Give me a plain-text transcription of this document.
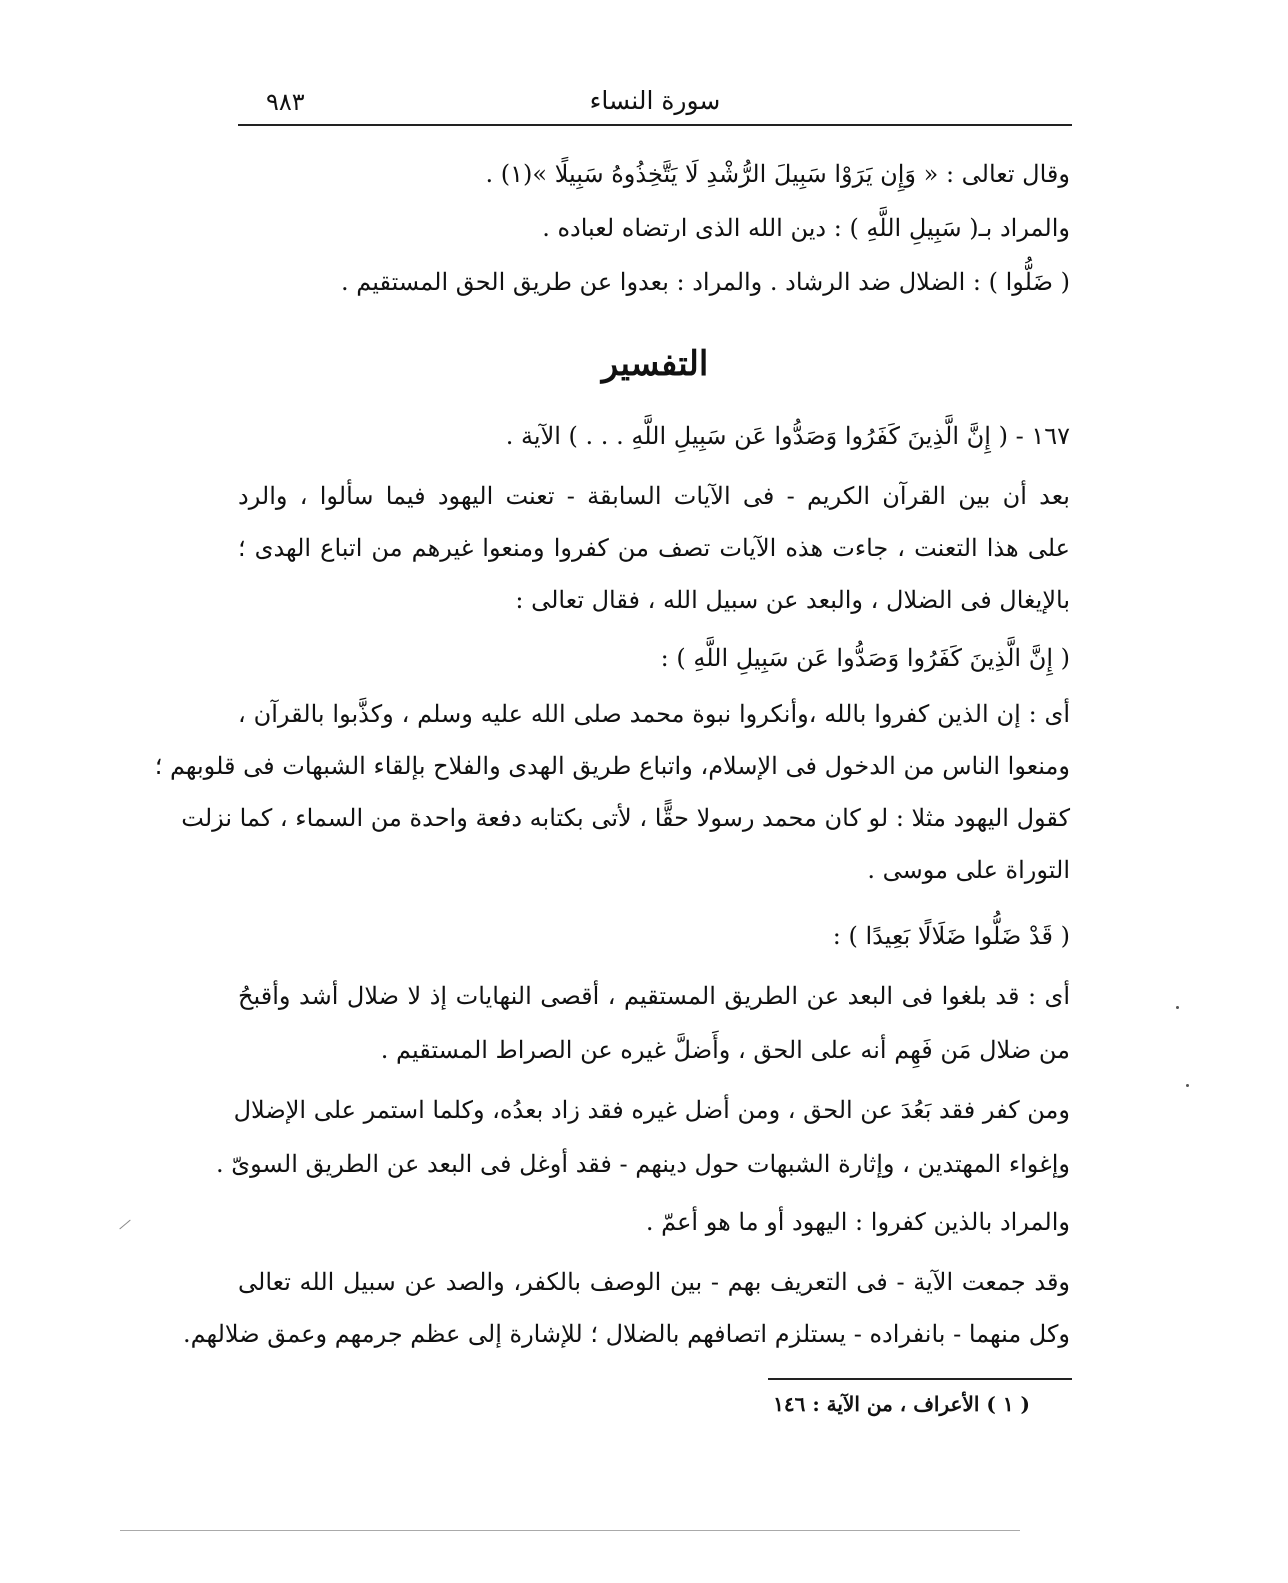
٩٨٣	سورة النساء
وقال تعالى : « وَإِن يَرَوْا سَبِيلَ الرُّشْدِ لَا يَتَّخِذُوهُ سَبِيلًا »(١) .
والمراد بـ( سَبِيلِ اللَّهِ ) : دين الله الذى ارتضاه لعباده .
( ضَلُّوا ) : الضلال ضد الرشاد . والمراد : بعدوا عن طريق الحق المستقيم .
التفسير
١٦٧ - ( إِنَّ الَّذِينَ كَفَرُوا وَصَدُّوا عَن سَبِيلِ اللَّهِ . . . ) الآية .
بعد أن بين القرآن الكريم - فى الآيات السابقة - تعنت اليهود فيما سألوا ، والرد
على هذا التعنت ، جاءت هذه الآيات تصف من كفروا ومنعوا غيرهم من اتباع الهدى ؛
بالإيغال فى الضلال ، والبعد عن سبيل الله ، فقال تعالى :
( إِنَّ الَّذِينَ كَفَرُوا وَصَدُّوا عَن سَبِيلِ اللَّهِ ) :
أى : إن الذين كفروا بالله ،وأنكروا نبوة محمد صلى الله عليه وسلم ، وكذَّبوا بالقرآن ،
ومنعوا الناس من الدخول فى الإسلام، واتباع طريق الهدى والفلاح بإلقاء الشبهات فى قلوبهم ؛
كقول اليهود مثلا : لو كان محمد رسولا حقًّا ، لأتى بكتابه دفعة واحدة من السماء ، كما نزلت
التوراة على موسى .
( قَدْ ضَلُّوا ضَلَالًا بَعِيدًا ) :
أى : قد بلغوا فى البعد عن الطريق المستقيم ، أقصى النهايات إذ لا ضلال أشد وأقبحُ
من ضلال مَن فَهِم أنه على الحق ، وأَضلَّ غيره عن الصراط المستقيم .
ومن كفر فقد بَعُدَ عن الحق ، ومن أضل غيره فقد زاد بعدُه، وكلما استمر على الإضلال
وإغواء المهتدين ، وإثارة الشبهات حول دينهم - فقد أوغل فى البعد عن الطريق السوىّ .
والمراد بالذين كفروا : اليهود أو ما هو أعمّ .
وقد جمعت الآية - فى التعريف بهم - بين الوصف بالكفر، والصد عن سبيل الله تعالى
وكل منهما - بانفراده - يستلزم اتصافهم بالضلال ؛ للإشارة إلى عظم جرمهم وعمق ضلالهم.
( ١ ) الأعراف ، من الآية : ١٤٦
